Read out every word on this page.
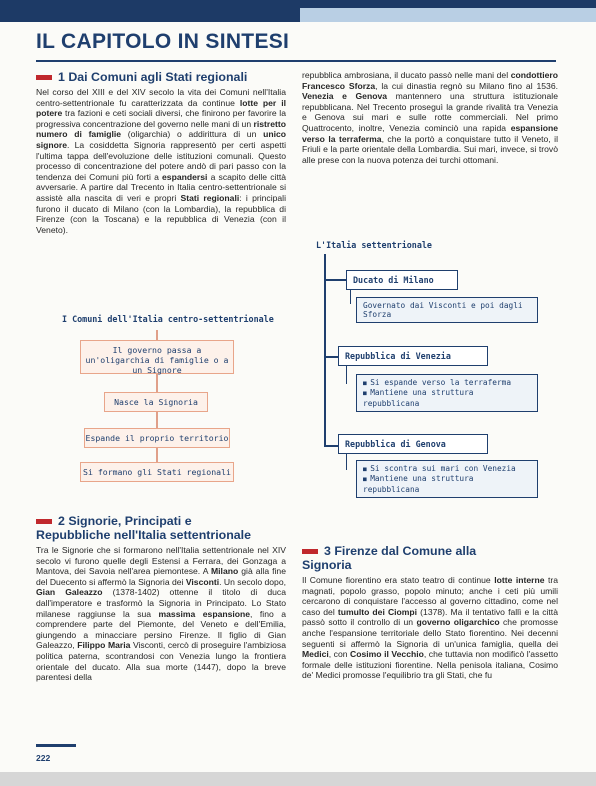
IL CAPITOLO IN SINTESI
1 Dai Comuni agli Stati regionali

Nel corso del XIII e del XIV secolo la vita dei Comuni nell'Italia centro-settentrionale fu caratterizzata da continue lotte per il potere tra fazioni e ceti sociali diversi, che finirono per favorire la progressiva concentrazione del governo nelle mani di un ristretto numero di famiglie (oligarchia) o addirittura di un unico signore. La cosiddetta Signoria rappresentò per certi aspetti l'ultima tappa dell'evoluzione delle istituzioni comunali. Questo processo di concentrazione del potere andò di pari passo con la tendenza dei Comuni più forti a espandersi a scapito delle città avversarie. A partire dal Trecento in Italia centro-settentrionale si assistè alla nascita di veri e propri Stati regionali: i principali furono il ducato di Milano (con la Lombardia), la repubblica di Firenze (con la Toscana) e la repubblica di Venezia (con il Veneto).

repubblica ambrosiana, il ducato passò nelle mani del condottiero Francesco Sforza, la cui dinastia regnò su Milano fino al 1536. Venezia e Genova mantennero una struttura istituzionale repubblicana. Nel Trecento proseguì la grande rivalità tra Venezia e Genova sui mari e sulle rotte commerciali. Nel primo Quattrocento, inoltre, Venezia cominciò una rapida espansione verso la terraferma, che la portò a conquistare tutto il Veneto, il Friuli e la parte orientale della Lombardia. Sui mari, invece, si trovò alle prese con la nuova potenza dei turchi ottomani.

I Comuni dell'Italia centro-settentrionale
Il governo passa a un'oligarchia di famiglie o a un Signore
Nasce la Signoria
Espande il proprio territorio
Si formano gli Stati regionali
L'Italia settentrionale
Ducato di Milano
Governato dai Visconti e poi dagli Sforza
Repubblica di Venezia
■ Si espande verso la terraferma
■ Mantiene una struttura repubblicana
Repubblica di Genova
■ Si scontra sui mari con Venezia
■ Mantiene una struttura repubblicana
2 Signorie, Principati e
Repubbliche nell'Italia settentrionale

Tra le Signorie che si formarono nell'Italia settentrionale nel XIV secolo vi furono quelle degli Estensi a Ferrara, dei Gonzaga a Mantova, dei Savoia nell'area piemontese. A Milano già alla fine del Duecento si affermò la Signoria dei Visconti. Un secolo dopo, Gian Galeazzo (1378-1402) ottenne il titolo di duca dall'imperatore e trasformò la Signoria in Principato. Lo Stato milanese raggiunse la sua massima espansione, fino a comprendere parte del Piemonte, del Veneto e dell'Emilia, giungendo a minacciare persino Firenze. Il figlio di Gian Galeazzo, Filippo Maria Visconti, cercò di proseguire l'ambiziosa politica paterna, scontrandosi con Venezia lungo la frontiera orientale del ducato. Alla sua morte (1447), dopo la breve parentesi della

3 Firenze dal Comune alla
Signoria

Il Comune fiorentino era stato teatro di continue lotte interne tra magnati, popolo grasso, popolo minuto; anche i ceti più umili cercarono di conquistare l'accesso al governo cittadino, come nel caso del tumulto dei Ciompi (1378). Ma il tentativo fallì e la città passò sotto il controllo di un governo oligarchico che promosse anche l'espansione territoriale dello Stato fiorentino. Nei decenni seguenti si affermò la Signoria di un'unica famiglia, quella dei Medici, con Cosimo il Vecchio, che tuttavia non modificò l'assetto formale delle istituzioni fiorentine. Nella penisola italiana, Cosimo de' Medici promosse l'equilibrio tra gli Stati, che fu

222
